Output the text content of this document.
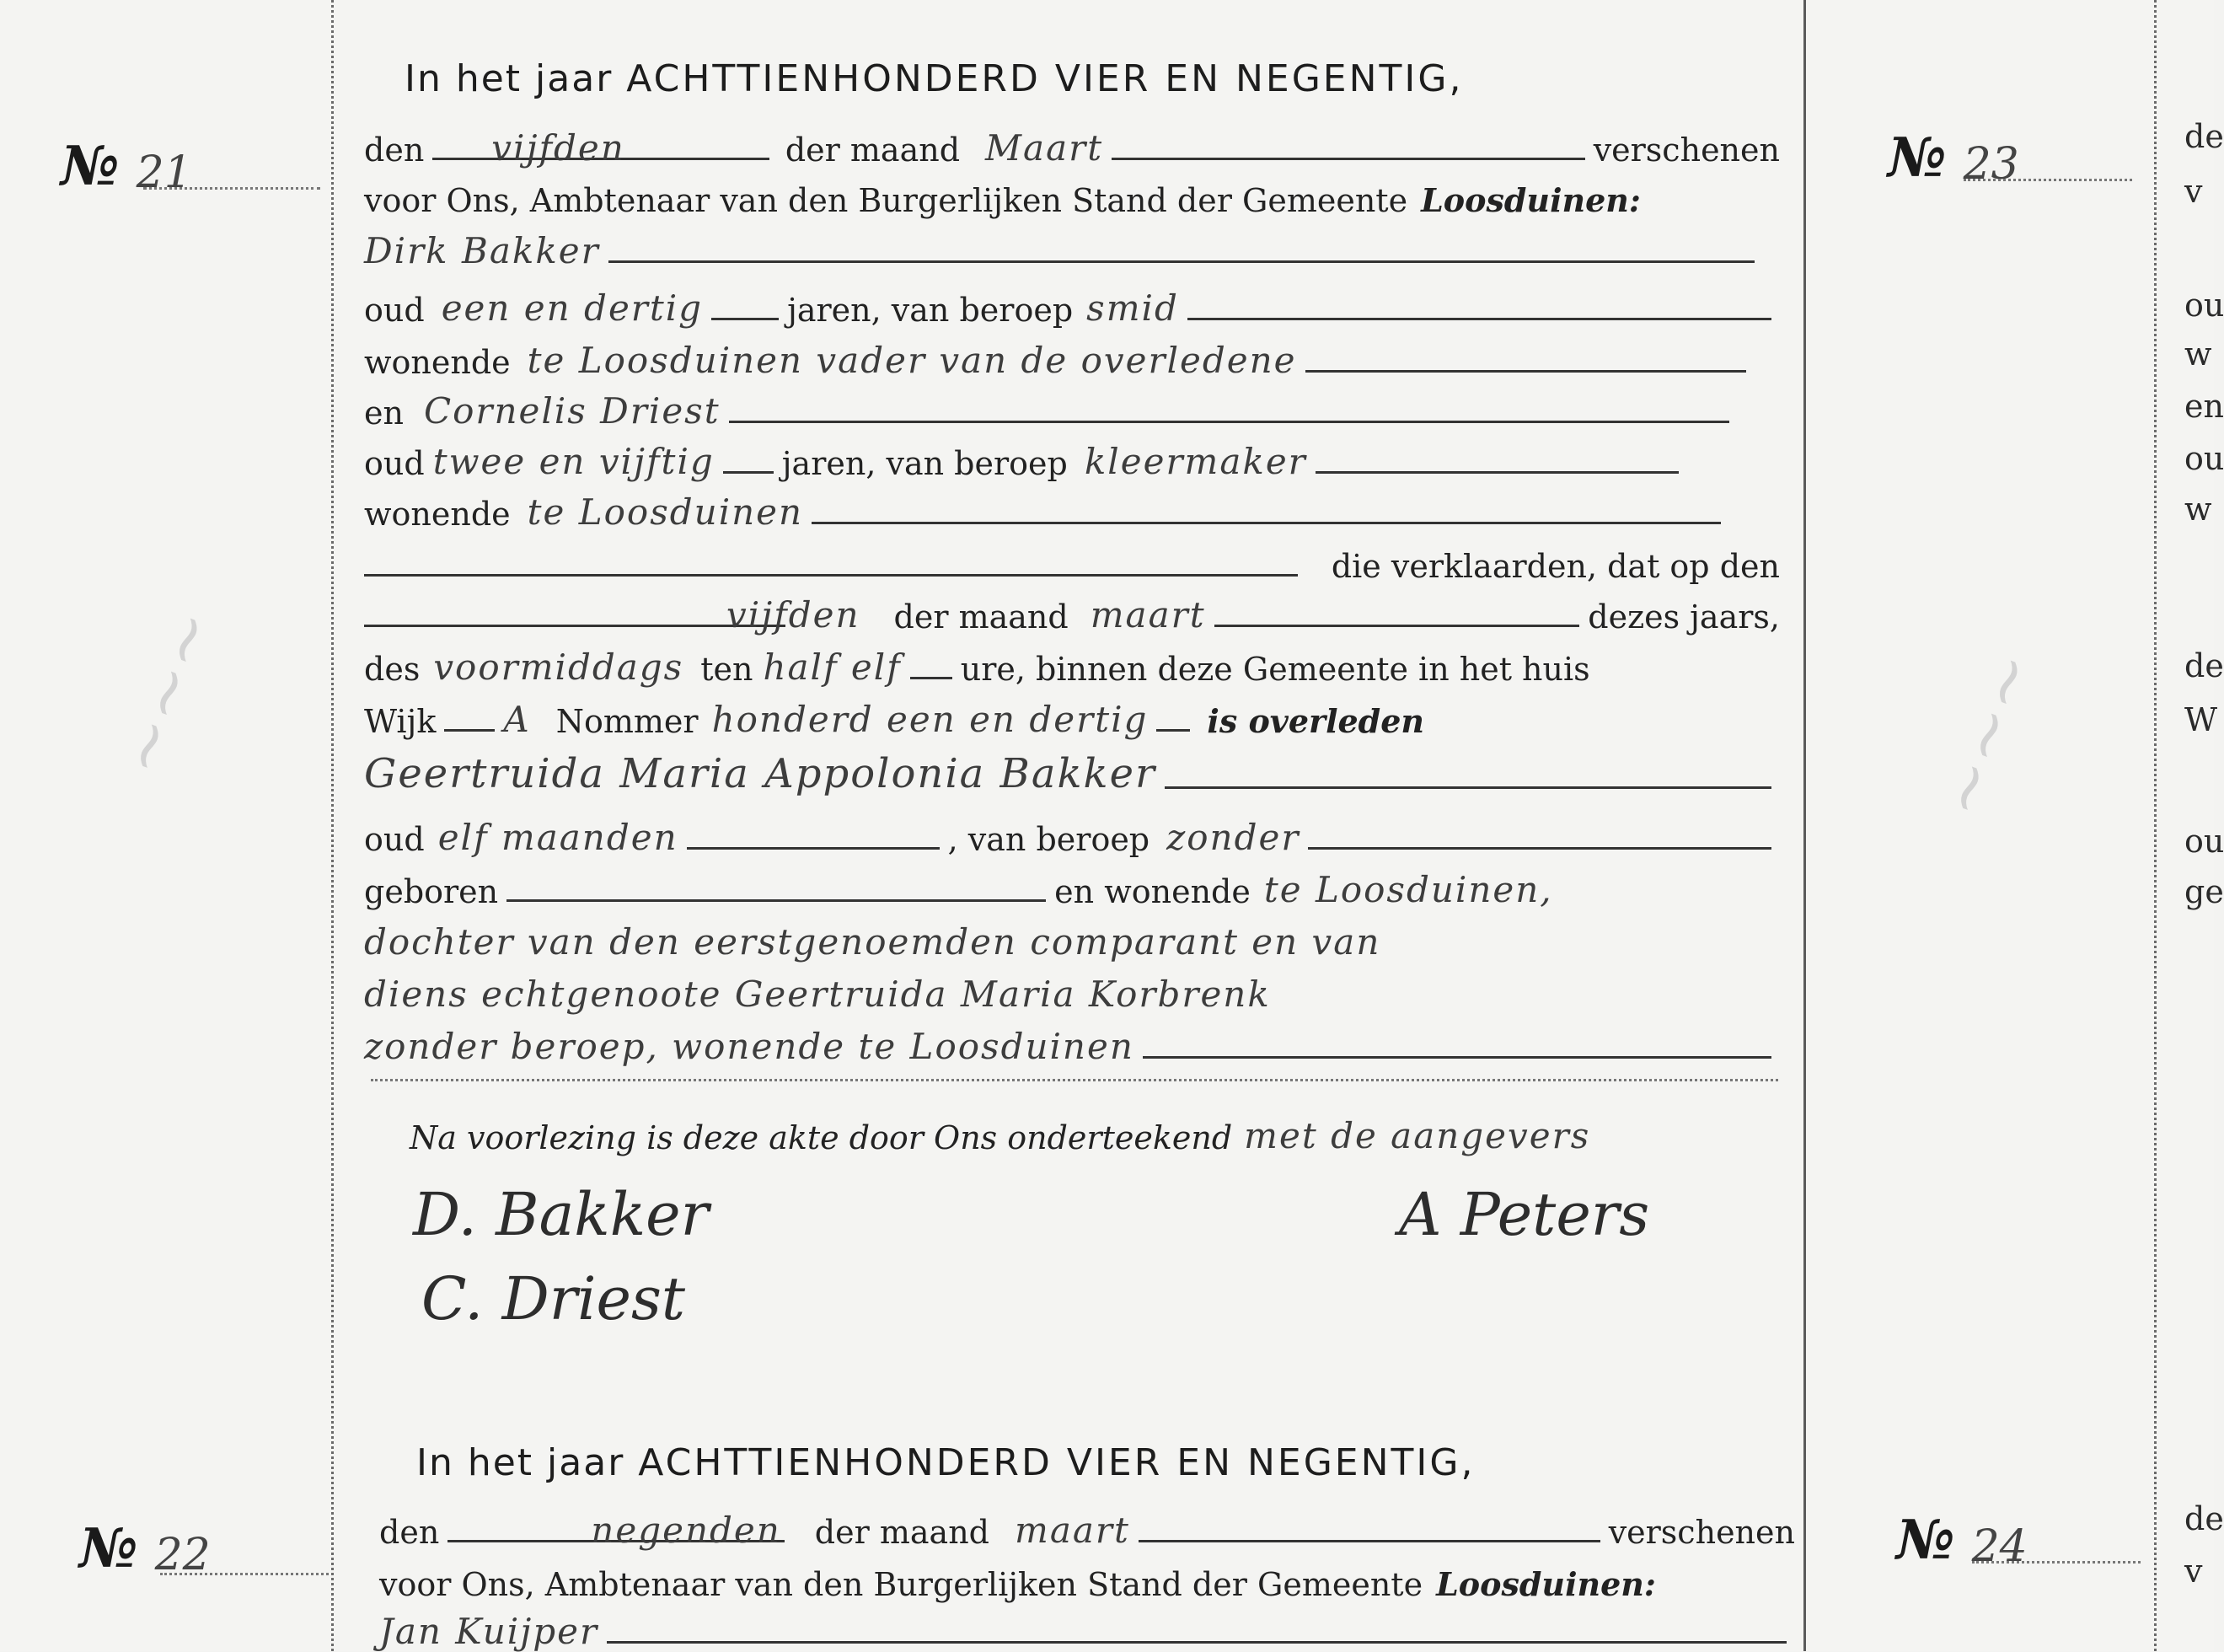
~~~	~~~
In het jaar ACHTTIENHONDERD VIER EN NEGENTIG,
№ 21	den vijfden	der maand Maart	verschenen
voor Ons, Ambtenaar van den Burgerlijken Stand der Gemeente Loosduinen:
Dirk Bakker
oud een en dertig	jaren, van beroep smid
wonende te Loosduinen vader van de overledene
en Cornelis Driest
oud twee en vijftig jaren, van beroep kleermaker
wonende te Loosduinen
die verklaarden, dat op den
vijfden der maand maart	dezes jaars,
des voormiddags ten half elf ure, binnen deze Gemeente in het huis
Wijk A Nommer honderd een en dertig is overleden
Geertruida Maria Appolonia Bakker
oud elf maanden	, van beroep zonder
geboren	en wonende te Loosduinen,
dochter van den eerstgenoemden comparant en van
diens echtgenoote Geertruida Maria Korbrenk
zonder beroep, wonende te Loosduinen
Na voorlezing is deze akte door Ons onderteekend met de aangevers
D. Bakker
C. Driest
A Peters
In het jaar ACHTTIENHONDERD VIER EN NEGENTIG,
№ 22	den	negenden der maand maart	verschenen
voor Ons, Ambtenaar van den Burgerlijken Stand der Gemeente Loosduinen:
Jan Kuijper
№ 23
№ 24
de
v
ou
w
en
ou
w
de
W
ou
ge
de
v
